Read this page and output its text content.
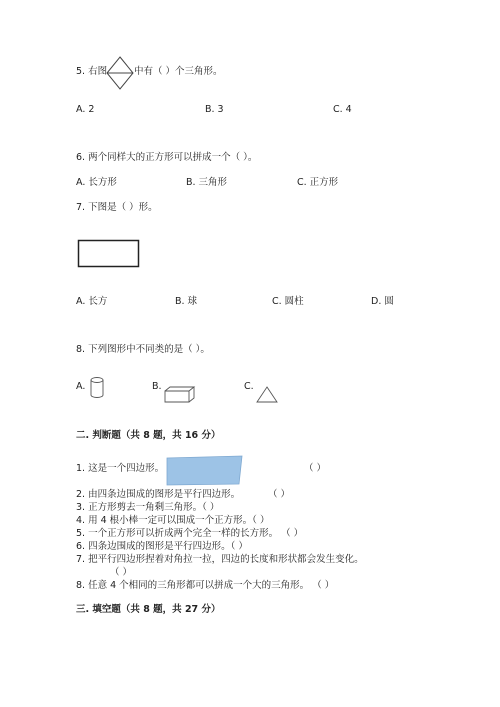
5. 右图	中有（ ）个三角形。
A. 2	B. 3	C. 4
6. 两个同样大的正方形可以拼成一个（ ）。
A. 长方形	B. 三角形	C. 正方形
7. 下图是（ ）形。
A. 长方	B. 球	C. 圆柱	D. 圆
8. 下列图形中不同类的是（ ）。
A.	B.	C.
二. 判断题（共 8 题，共 16 分）
1. 这是一个四边形。	（ ）
2. 由四条边围成的图形是平行四边形。	（ ）
3. 正方形剪去一角剩三角形。（ ）
4. 用 4 根小棒一定可以围成一个正方形。（ ）
5. 一个正方形可以折成两个完全一样的长方形。 （ ）
6. 四条边围成的图形是平行四边形。（ ）
7. 把平行四边形捏着对角拉一拉，四边的长度和形状都会发生变化。
（ ）
8. 任意 4 个相同的三角形都可以拼成一个大的三角形。 （ ）
三. 填空题（共 8 题，共 27 分）
